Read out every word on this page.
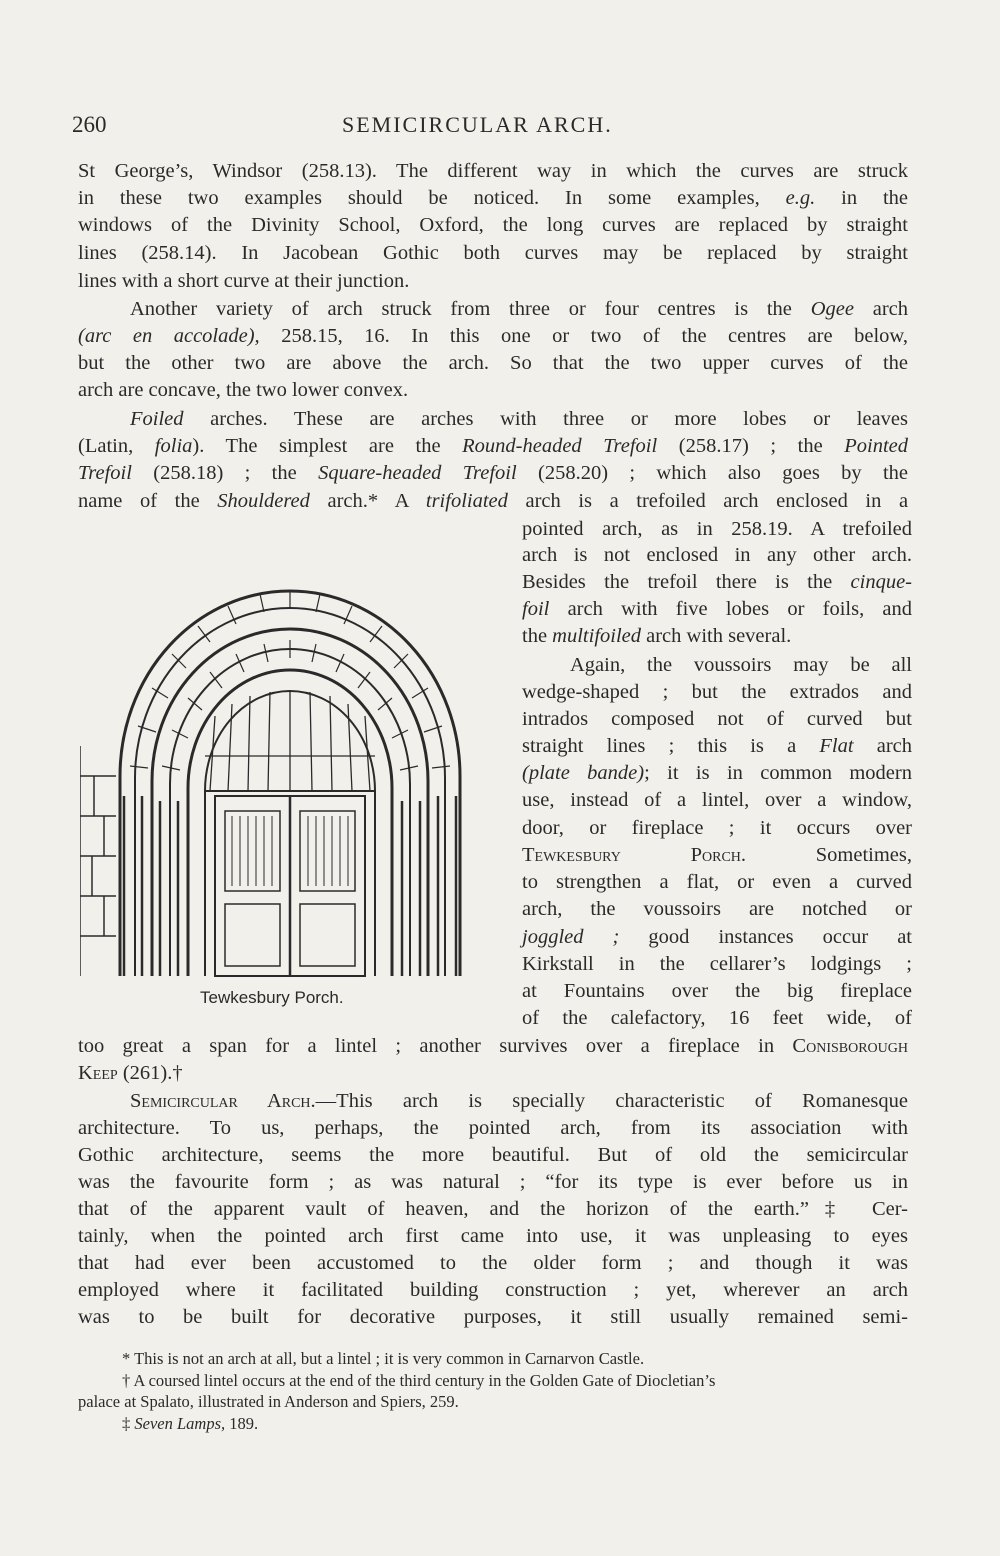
260	SEMICIRCULAR ARCH.
St George’s, Windsor (258.13). The different way in which the curves are struck
in these two examples should be noticed. In some examples, e.g. in the
windows of the Divinity School, Oxford, the long curves are replaced by straight
lines (258.14). In Jacobean Gothic both curves may be replaced by straight
lines with a short curve at their junction.
Another variety of arch struck from three or four centres is the Ogee arch
(arc en accolade), 258.15, 16. In this one or two of the centres are below,
but the other two are above the arch. So that the two upper curves of the
arch are concave, the two lower convex.
Foiled arches. These are arches with three or more lobes or leaves
(Latin, folia). The simplest are the Round-headed Trefoil (258.17) ; the Pointed
Trefoil (258.18) ; the Square-headed Trefoil (258.20) ; which also goes by the
name of the Shouldered arch.* A trifoliated arch is a trefoiled arch enclosed in a
pointed arch, as in 258.19. A trefoiled
arch is not enclosed in any other arch.
Besides the trefoil there is the cinque-
foil arch with five lobes or foils, and
the multifoiled arch with several.
Again, the voussoirs may be all
wedge-shaped ; but the extrados and
intrados composed not of curved but
straight lines ; this is a Flat arch
(plate bande); it is in common modern
use, instead of a lintel, over a window,
door, or fireplace ; it occurs over
Tewkesbury Porch.	Sometimes,
to strengthen a flat, or even a curved
arch, the voussoirs are notched or
joggled ; good instances occur at
Kirkstall in the cellarer’s lodgings ;
at Fountains over the big fireplace
of the calefactory, 16 feet wide, of
too great a span for a lintel ; another survives over a fireplace in Conisborough
Keep (261).†
Semicircular Arch.—This arch is specially characteristic of Romanesque
architecture. To us, perhaps, the pointed arch, from its association with
Gothic architecture, seems the more beautiful. But of old the semicircular
was the favourite form ; as was natural ; “for its type is ever before us in
that of the apparent vault of heaven, and the horizon of the earth.”‡ Cer-
tainly, when the pointed arch first came into use, it was unpleasing to eyes
that had ever been accustomed to the older form ; and though it was
employed where it facilitated building construction ; yet, wherever an arch
was to be built for decorative purposes, it still usually remained semi-
Tewkesbury Porch.
* This is not an arch at all, but a lintel ; it is very common in Carnarvon Castle.
† A coursed lintel occurs at the end of the third century in the Golden Gate of Diocletian’s
palace at Spalato, illustrated in Anderson and Spiers, 259.
‡ Seven Lamps, 189.
